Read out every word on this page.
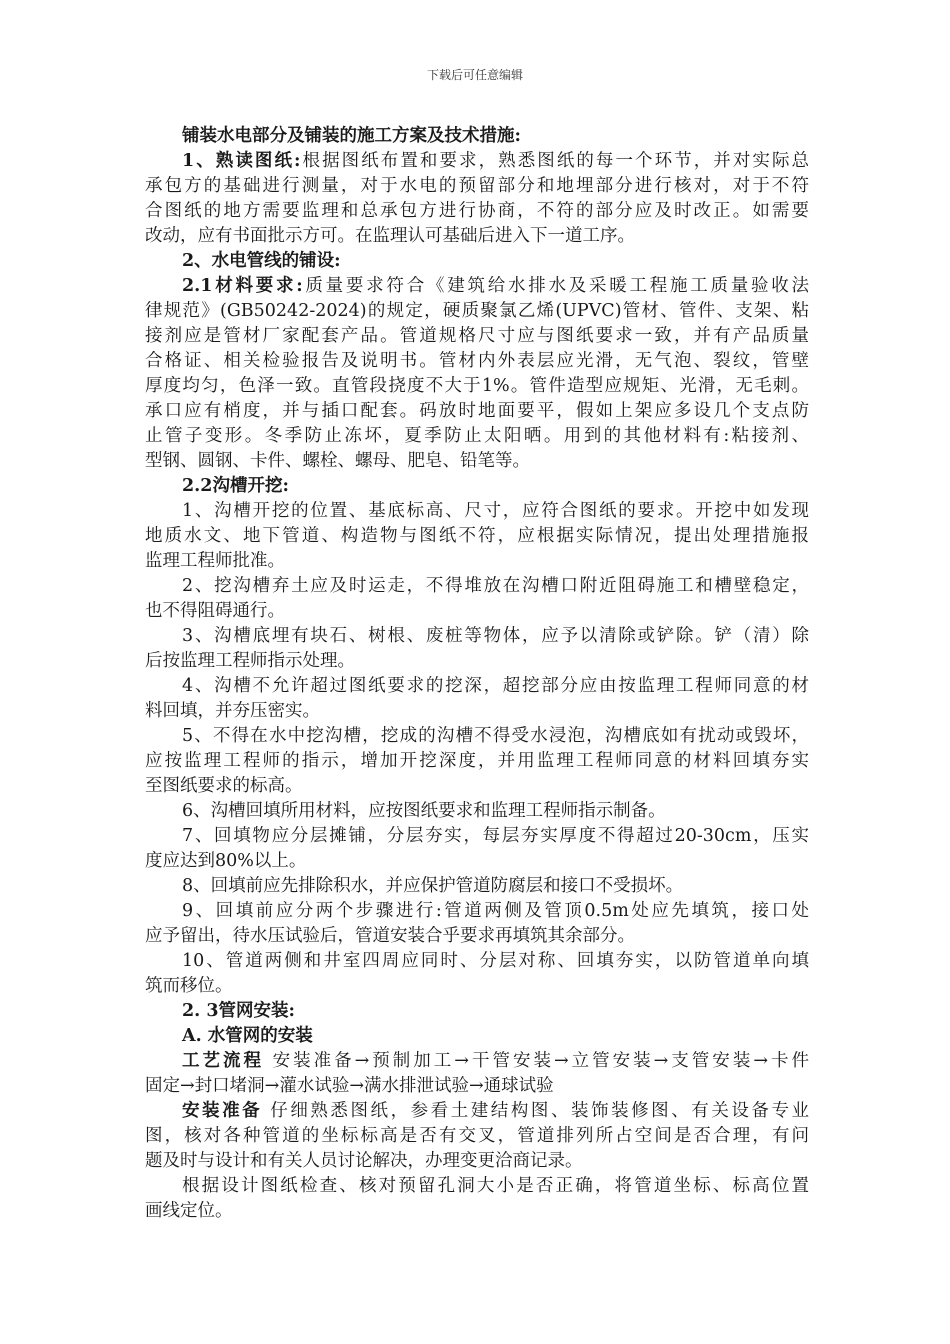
下载后可任意编辑
铺装水电部分及铺装的施工方案及技术措施:
1、熟读图纸:根据图纸布置和要求，熟悉图纸的每一个环节，并对实际总
承包方的基础进行测量，对于水电的预留部分和地埋部分进行核对，对于不符
合图纸的地方需要监理和总承包方进行协商，不符的部分应及时改正。如需要
改动，应有书面批示方可。在监理认可基础后进入下一道工序。
2、水电管线的铺设:
2.1材料要求:质量要求符合《建筑给水排水及采暖工程施工质量验收法
律规范》(GB50242-2024)的规定，硬质聚氯乙烯(UPVC)管材、管件、支架、粘
接剂应是管材厂家配套产品。管道规格尺寸应与图纸要求一致，并有产品质量
合格证、相关检验报告及说明书。管材内外表层应光滑，无气泡、裂纹，管壁
厚度均匀，色泽一致。直管段挠度不大于1%。管件造型应规矩、光滑，无毛刺。
承口应有梢度，并与插口配套。码放时地面要平，假如上架应多设几个支点防
止管子变形。冬季防止冻坏，夏季防止太阳晒。用到的其他材料有:粘接剂、
型钢、圆钢、卡件、螺栓、螺母、肥皂、铅笔等。
2.2沟槽开挖:
1、沟槽开挖的位置、基底标高、尺寸，应符合图纸的要求。开挖中如发现
地质水文、地下管道、构造物与图纸不符，应根据实际情况，提出处理措施报
监理工程师批准。
2、挖沟槽弃土应及时运走，不得堆放在沟槽口附近阻碍施工和槽壁稳定，
也不得阻碍通行。
3、沟槽底埋有块石、树根、废桩等物体，应予以清除或铲除。铲（清）除
后按监理工程师指示处理。
4、沟槽不允许超过图纸要求的挖深，超挖部分应由按监理工程师同意的材
料回填，并夯压密实。
5、不得在水中挖沟槽，挖成的沟槽不得受水浸泡，沟槽底如有扰动或毁坏，
应按监理工程师的指示，增加开挖深度，并用监理工程师同意的材料回填夯实
至图纸要求的标高。
6、沟槽回填所用材料，应按图纸要求和监理工程师指示制备。
7、回填物应分层摊铺，分层夯实，每层夯实厚度不得超过20-30cm，压实
度应达到80%以上。
8、回填前应先排除积水，并应保护管道防腐层和接口不受损坏。
9、回填前应分两个步骤进行:管道两侧及管顶0.5m处应先填筑，接口处
应予留出，待水压试验后，管道安装合乎要求再填筑其余部分。
10、管道两侧和井室四周应同时、分层对称、回填夯实，以防管道单向填
筑而移位。
2. 3管网安装:
A. 水管网的安装
工艺流程 安装准备→预制加工→干管安装→立管安装→支管安装→卡件
固定→封口堵洞→灌水试验→满水排泄试验→通球试验
安装准备 仔细熟悉图纸，参看土建结构图、装饰装修图、有关设备专业
图，核对各种管道的坐标标高是否有交叉，管道排列所占空间是否合理，有问
题及时与设计和有关人员讨论解决，办理变更洽商记录。
根据设计图纸检查、核对预留孔洞大小是否正确，将管道坐标、标高位置
画线定位。
